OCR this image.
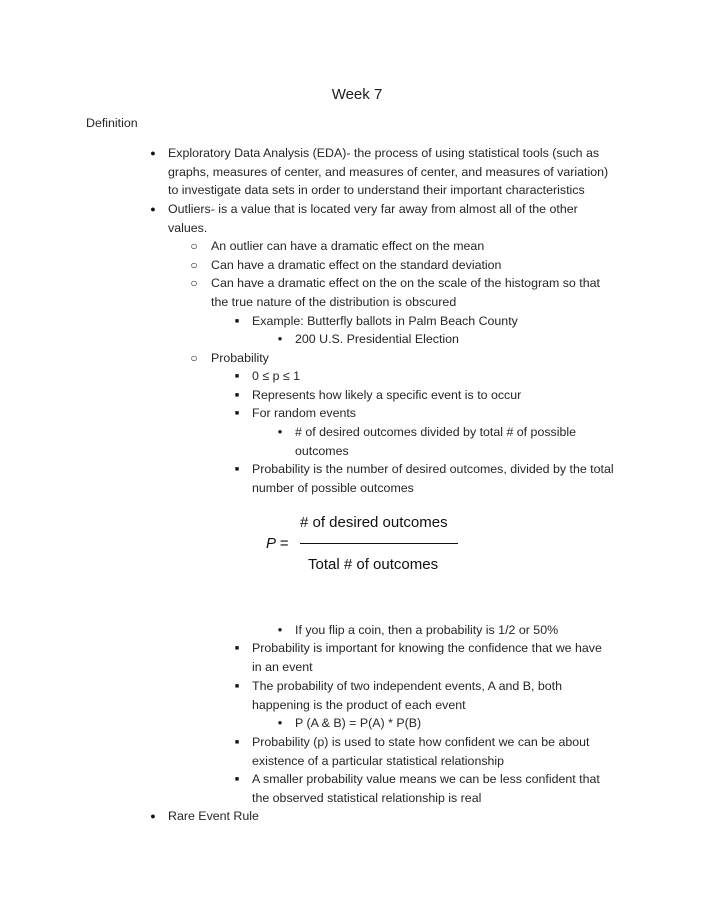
Week 7
Definition
● Exploratory Data Analysis (EDA)- the process of using statistical tools (such as
graphs, measures of center, and measures of center, and measures of variation)
to investigate data sets in order to understand their important characteristics
● Outliers- is a value that is located very far away from almost all of the other
values.
○ An outlier can have a dramatic effect on the mean
○ Can have a dramatic effect on the standard deviation
○ Can have a dramatic effect on the on the scale of the histogram so that
the true nature of the distribution is obscured
■	Example: Butterfly ballots in Palm Beach County
●	200 U.S. Presidential Election
○ Probability
■	0 ≤ p ≤ 1
■	Represents how likely a specific event is to occur
■	For random events
●	# of desired outcomes divided by total # of possible
outcomes
■	Probability is the number of desired outcomes, divided by the total
number of possible outcomes
# of desired outcomes
P =
Total # of outcomes
●	If you flip a coin, then a probability is 1/2 or 50%
■	Probability is important for knowing the confidence that we have
in an event
■	The probability of two independent events, A and B, both
happening is the product of each event
●	P (A & B) = P(A) * P(B)
■	Probability (p) is used to state how confident we can be about
existence of a particular statistical relationship
■	A smaller probability value means we can be less confident that
the observed statistical relationship is real
● Rare Event Rule
